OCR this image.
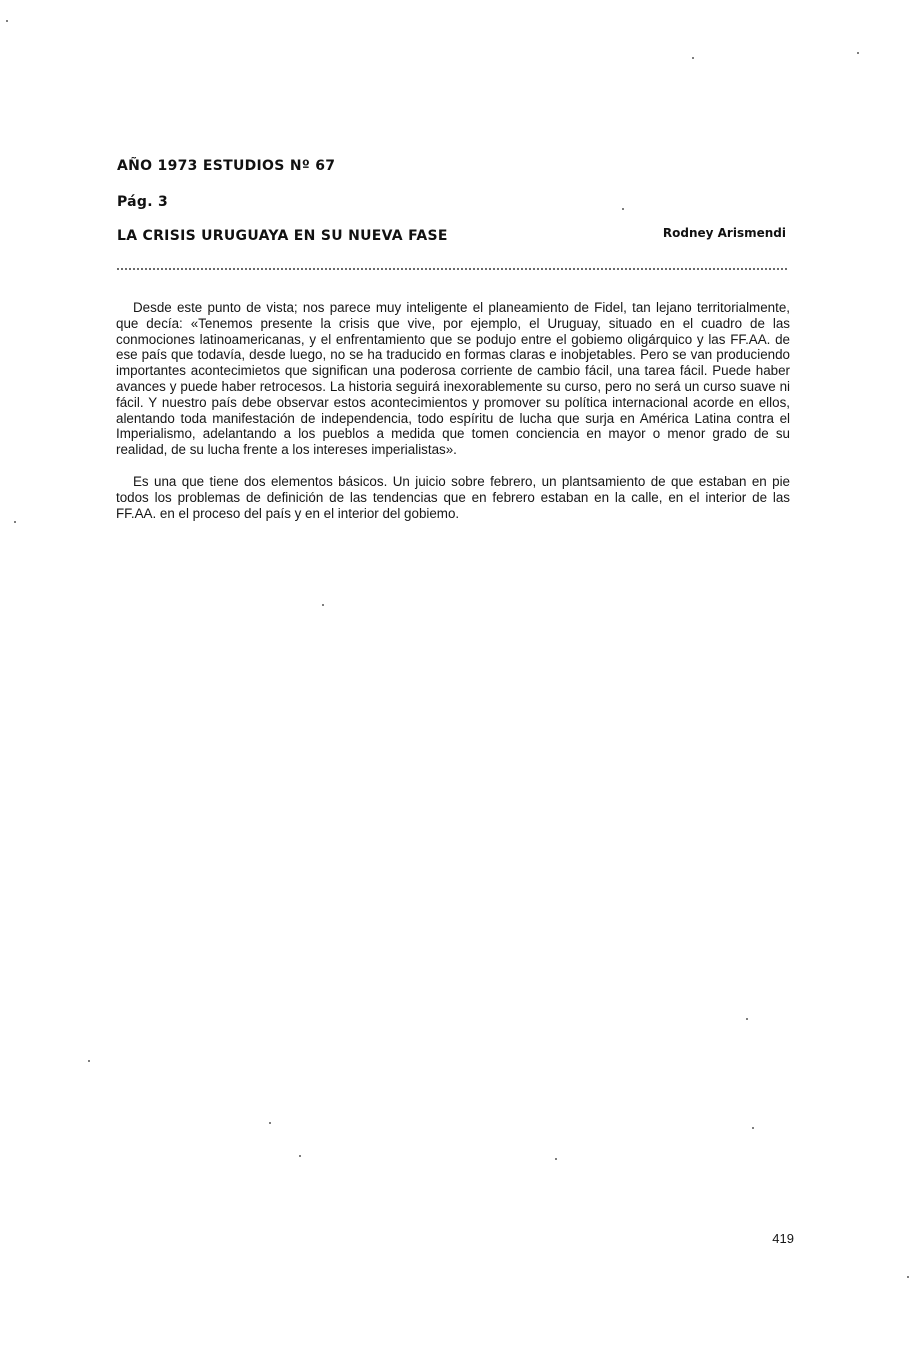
AÑO 1973 ESTUDIOS Nº 67
Pág. 3
LA CRISIS URUGUAYA EN SU NUEVA FASE	Rodney Arismendi

Desde este punto de vista; nos parece muy inteligente el planeamiento de Fidel, tan lejano territorialmente, que decía: «Tenemos presente la crisis que vive, por ejemplo, el Uruguay, situado en el cuadro de las conmociones latinoamericanas, y el enfrentamiento que se podujo entre el gobiemo oligárquico y las FF.AA. de ese país que todavía, desde luego, no se ha traducido en formas claras e inobjetables. Pero se van produciendo importantes acontecimietos que significan una poderosa corriente de cambio fácil, una tarea fácil. Puede haber avances y puede haber retrocesos. La historia seguirá inexorablemente su curso, pero no será un curso suave ni fácil. Y nuestro país debe observar estos acontecimientos y promover su política internacional acorde en ellos, alentando toda manifestación de independencia, todo espíritu de lucha que surja en América Latina contra el Imperialismo, adelantando a los pueblos a medida que tomen conciencia en mayor o menor grado de su realidad, de su lucha frente a los intereses imperialistas».

Es una que tiene dos elementos básicos. Un juicio sobre febrero, un plantsamiento de que estaban en pie todos los problemas de definición de las tendencias que en febrero estaban en la calle, en el interior de las FF.AA. en el proceso del país y en el interior del gobiemo.

419
